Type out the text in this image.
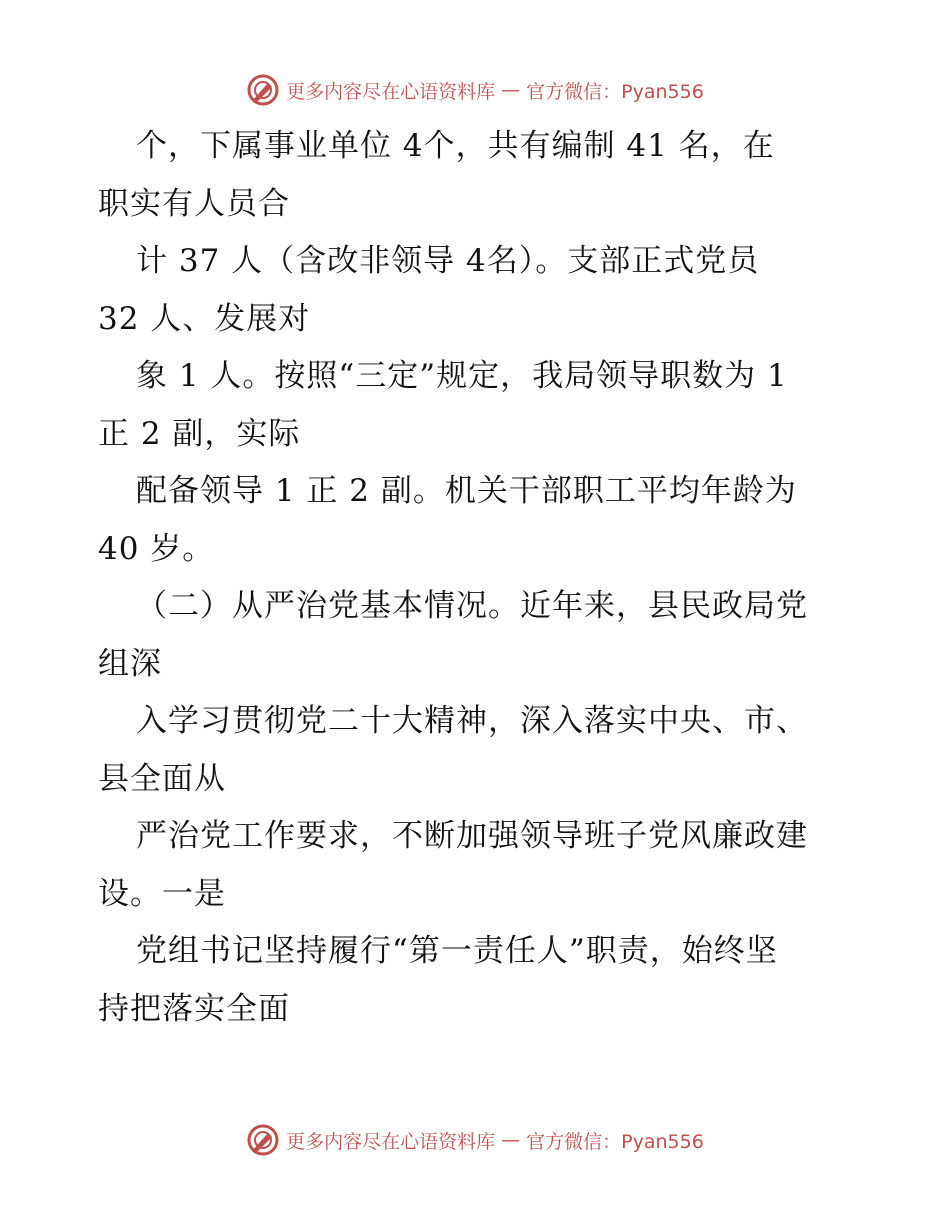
更多内容尽在心语资料库 — 官方微信：Pyan556

个，下属事业单位 4个，共有编制 41 名，在
职实有人员合

计 37 人（含改非领导 4名）。支部正式党员
32 人、发展对

象 1 人。按照“三定”规定，我局领导职数为 1
正 2 副，实际

配备领导 1 正 2 副。机关干部职工平均年龄为
40 岁。

（二）从严治党基本情况。近年来，县民政局党
组深

入学习贯彻党二十大精神，深入落实中央、市、
县全面从

严治党工作要求，不断加强领导班子党风廉政建
设。一是

党组书记坚持履行“第一责任人”职责，始终坚
持把落实全面

更多内容尽在心语资料库 — 官方微信：Pyan556
